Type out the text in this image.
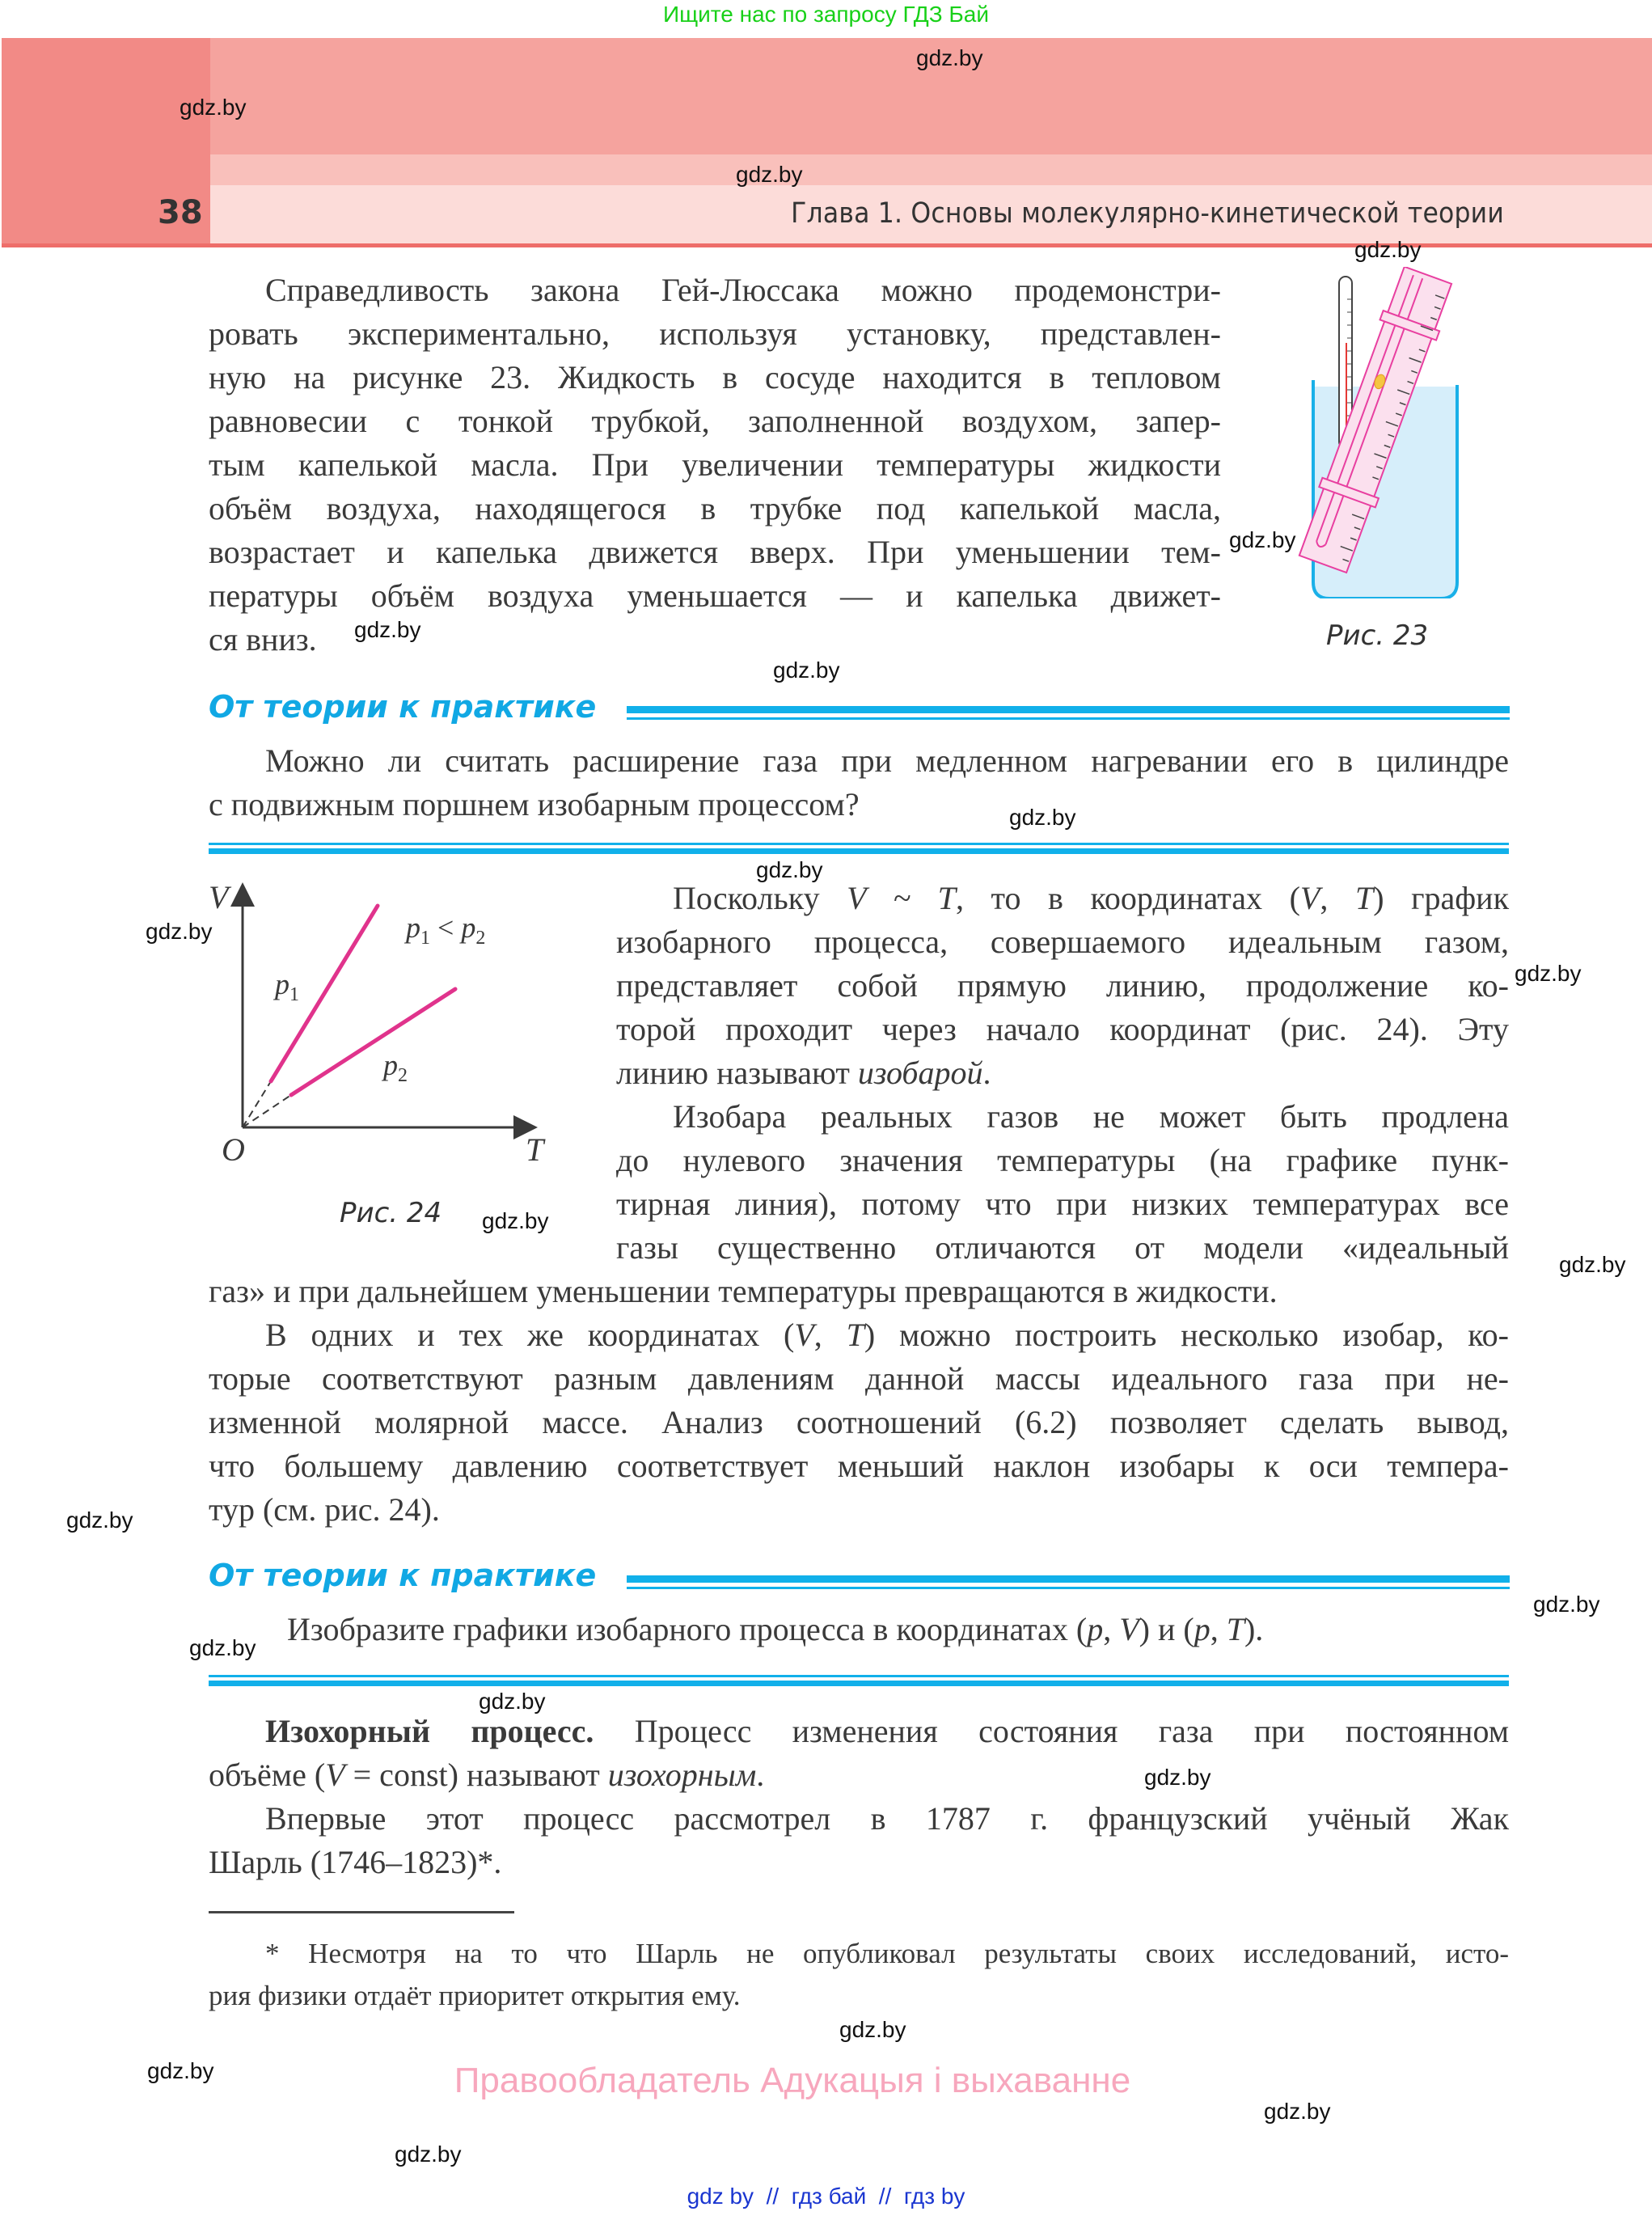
Ищите нас по запросу ГДЗ Бай
38	Глава 1. Основы молекулярно-кинетической теории
Справедливость закона Гей-Люссака можно продемонстри-
ровать экспериментально, используя установку, представлен-
ную на рисунке 23. Жидкость в сосуде находится в тепловом
равновесии с тонкой трубкой, заполненной воздухом, запер-
тым капелькой масла. При увеличении температуры жидкости
объём воздуха, находящегося в трубке под капелькой масла,
возрастает и капелька движется вверх. При уменьшении тем-
пературы объём воздуха уменьшается — и капелька движет-
ся вниз.	Рис. 23
От теории к практике
Можно ли считать расширение газа при медленном нагревании его в цилиндре
с подвижным поршнем изобарным процессом?
V
O	T
$p_1$
$p_2$
$p_1 < p_2$
Рис. 24
Поскольку V ~ T, то в координатах (V, T) график
изобарного процесса, совершаемого идеальным газом,
представляет собой прямую линию, продолжение ко-
торой проходит через начало координат (рис. 24). Эту
линию называют изобарой.
Изобара реальных газов не может быть продлена
до нулевого значения температуры (на графике пунк-
тирная линия), потому что при низких температурах все
газы существенно отличаются от модели «идеальный
газ» и при дальнейшем уменьшении температуры превращаются в жидкости.
В одних и тех же координатах (V, T) можно построить несколько изобар, ко-
торые соответствуют разным давлениям данной массы идеального газа при не-
изменной молярной массе. Анализ соотношений (6.2) позволяет сделать вывод,
что большему давлению соответствует меньший наклон изобары к оси темпера-
тур (см. рис. 24).
От теории к практике
Изобразите графики изобарного процесса в координатах (p, V) и (p, T).
Изохорный процесс. Процесс изменения состояния газа при постоянном
объёме (V = const) называют изохорным.
Впервые этот процесс рассмотрел в 1787 г. французский учёный Жак
Шарль (1746–1823)*.
* Несмотря на то что Шарль не опубликовал результаты своих исследований, исто-
рия физики отдаёт приоритет открытия ему.
Правообладатель Адукацыя і выхаванне
gdz by  //  гдз бай  //  гдз by
gdz.by
gdz.by
gdz.by
gdz.by
gdz.by
gdz.by
gdz.by
gdz.by
gdz.by
gdz.by
gdz.by
gdz.by
gdz.by
gdz.by
gdz.by
gdz.by
gdz.by
gdz.by
gdz.by
gdz.by
gdz.by
gdz.by
